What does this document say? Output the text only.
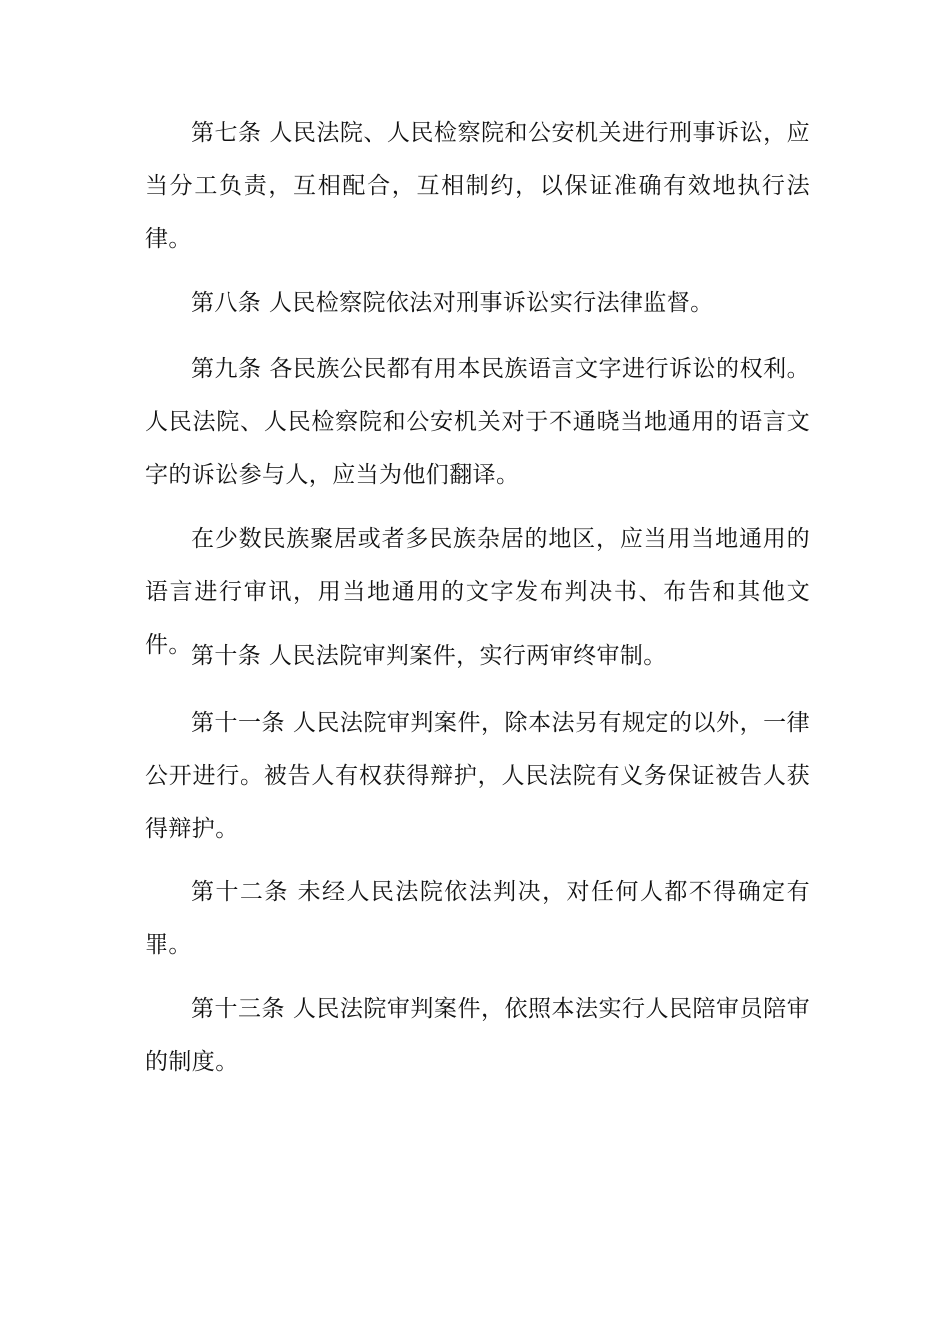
第七条 人民法院、人民检察院和公安机关进行刑事诉讼，应当分工负责，互相配合，互相制约，以保证准确有效地执行法律。

第八条 人民检察院依法对刑事诉讼实行法律监督。

第九条 各民族公民都有用本民族语言文字进行诉讼的权利。人民法院、人民检察院和公安机关对于不通晓当地通用的语言文字的诉讼参与人，应当为他们翻译。

在少数民族聚居或者多民族杂居的地区，应当用当地通用的语言进行审讯，用当地通用的文字发布判决书、布告和其他文件。 第十条 人民法院审判案件，实行两审终审制。

第十一条 人民法院审判案件，除本法另有规定的以外，一律公开进行。被告人有权获得辩护，人民法院有义务保证被告人获得辩护。

第十二条 未经人民法院依法判决，对任何人都不得确定有罪。

第十三条 人民法院审判案件，依照本法实行人民陪审员陪审的制度。
